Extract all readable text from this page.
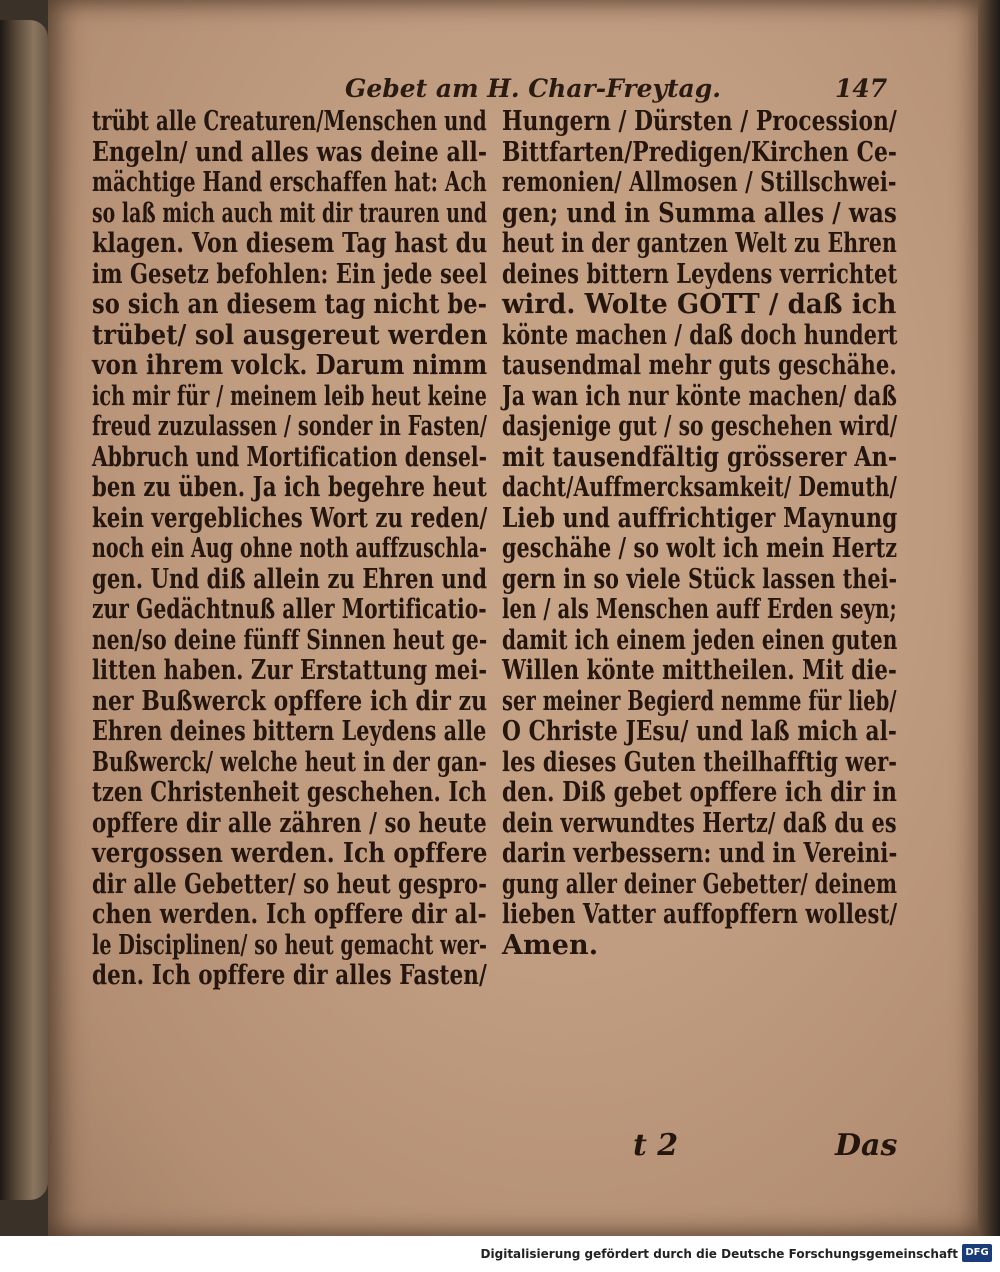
Gebet am H. Char-Freytag.	147
trübt alle Creaturen/Menschen und
Engeln/ und alles was deine all-
mächtige Hand erschaffen hat: Ach
so laß mich auch mit dir trauren und
klagen. Von diesem Tag hast du
im Gesetz befohlen: Ein jede seel
so sich an diesem tag nicht be-
trübet/ sol ausgereut werden
von ihrem volck. Darum nimm
ich mir für / meinem leib heut keine
freud zuzulassen / sonder in Fasten/
Abbruch und Mortification densel-
ben zu üben. Ja ich begehre heut
kein vergebliches Wort zu reden/
noch ein Aug ohne noth auffzuschla-
gen. Und diß allein zu Ehren und
zur Gedächtnuß aller Mortificatio-
nen/so deine fünff Sinnen heut ge-
litten haben. Zur Erstattung mei-
ner Bußwerck opffere ich dir zu
Ehren deines bittern Leydens alle
Bußwerck/ welche heut in der gan-
tzen Christenheit geschehen. Ich
opffere dir alle zähren / so heute
vergossen werden. Ich opffere
dir alle Gebetter/ so heut gespro-
chen werden. Ich opffere dir al-
le Disciplinen/ so heut gemacht wer-
den. Ich opffere dir alles Fasten/
Hungern / Dürsten / Procession/
Bittfarten/Predigen/Kirchen Ce-
remonien/ Allmosen / Stillschwei-
gen; und in Summa alles / was
heut in der gantzen Welt zu Ehren
deines bittern Leydens verrichtet
wird. Wolte GOTT / daß ich
könte machen / daß doch hundert
tausendmal mehr guts geschähe.
Ja wan ich nur könte machen/ daß
dasjenige gut / so geschehen wird/
mit tausendfältig grösserer An-
dacht/Auffmercksamkeit/ Demuth/
Lieb und auffrichtiger Maynung
geschähe / so wolt ich mein Hertz
gern in so viele Stück lassen thei-
len / als Menschen auff Erden seyn;
damit ich einem jeden einen guten
Willen könte mittheilen. Mit die-
ser meiner Begierd nemme für lieb/
O Christe JEsu/ und laß mich al-
les dieses Guten theilhafftig wer-
den. Diß gebet opffere ich dir in
dein verwundtes Hertz/ daß du es
darin verbessern: und in Vereini-
gung aller deiner Gebetter/ deinem
lieben Vatter auffopffern wollest/
Amen.
t 2	Das
Digitalisierung gefördert durch die Deutsche Forschungsgemeinschaft DFG
